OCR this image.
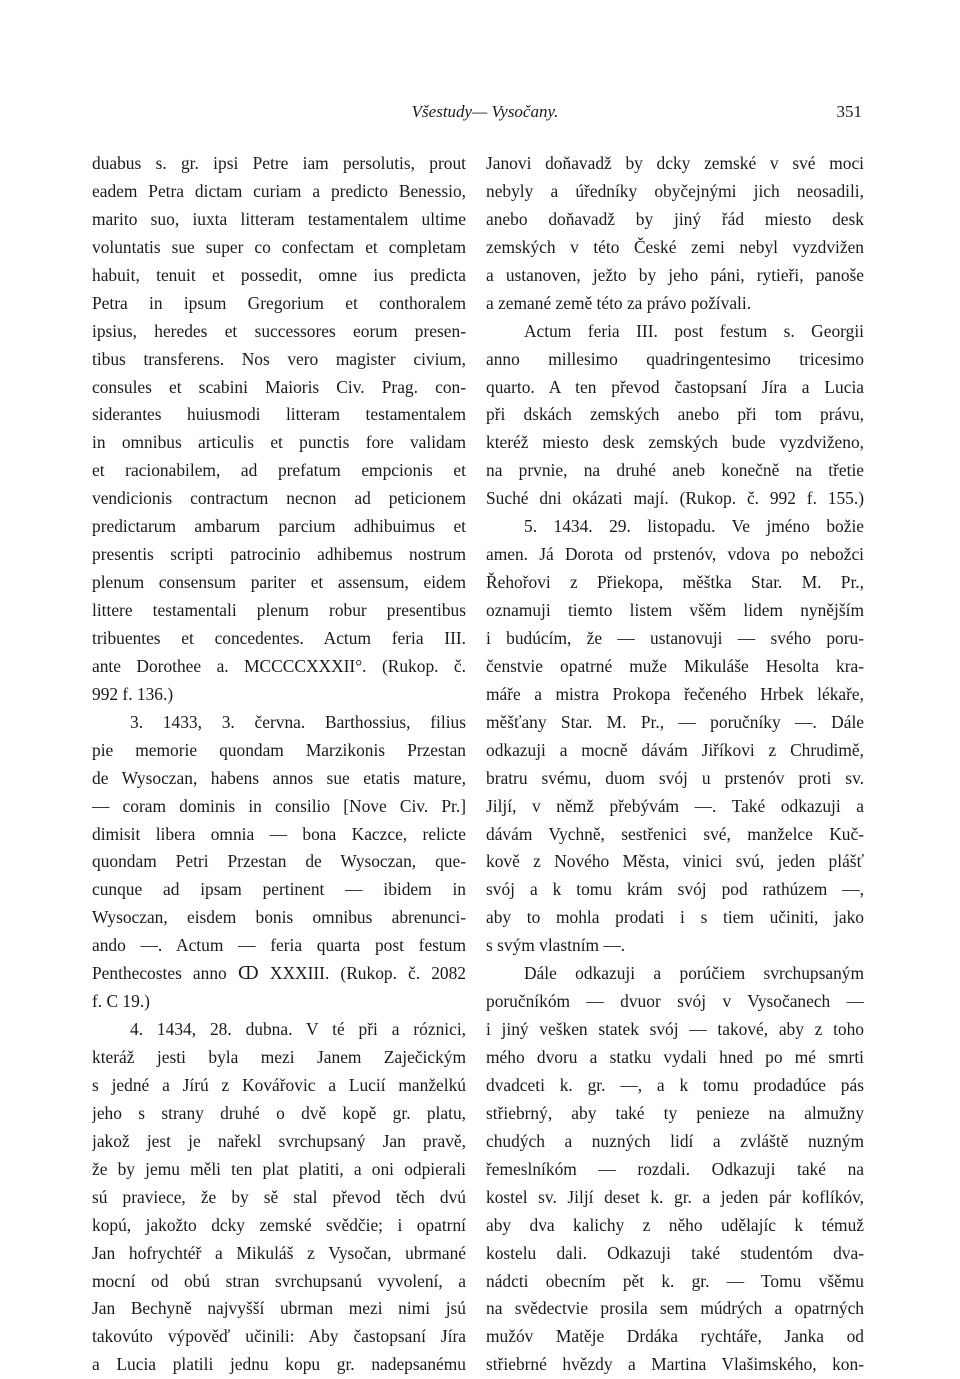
Všestudy— Vysočany.	351
duabus s. gr. ipsi Petre iam persolutis, prout
eadem Petra dictam curiam a predicto Benessio,
marito suo, iuxta litteram testamentalem ultime
voluntatis sue super co confectam et completam
habuit, tenuit et possedit, omne ius predicta
Petra in ipsum Gregorium et conthoralem
ipsius, heredes et successores eorum presen-
tibus transferens. Nos vero magister civium,
consules et scabini Maioris Civ. Prag. con-
siderantes huiusmodi litteram testamentalem
in omnibus articulis et punctis fore validam
et racionabilem, ad prefatum empcionis et
vendicionis contractum necnon ad peticionem
predictarum ambarum parcium adhibuimus et
presentis scripti patrocinio adhibemus nostrum
plenum consensum pariter et assensum, eidem
littere testamentali plenum robur presentibus
tribuentes et concedentes. Actum feria III.
ante Dorothee a. MCCCCXXXII°. (Rukop. č.
992 f. 136.)
3. 1433, 3. června. Barthossius, filius
pie memorie quondam Marzikonis Przestan
de Wysoczan, habens annos sue etatis mature,
— coram dominis in consilio [Nove Civ. Pr.]
dimisit libera omnia — bona Kaczce, relicte
quondam Petri Przestan de Wysoczan, que-
cunque ad ipsam pertinent — ibidem in
Wysoczan, eisdem bonis omnibus abrenunci-
ando —. Actum — feria quarta post festum
Penthecostes anno ↀ XXXIII. (Rukop. č. 2082
f. C 19.)
4. 1434, 28. dubna. V té při a róznici,
kteráž jesti byla mezi Janem Zaječickým
s jedné a Jírú z Kovářovic a Lucií manželkú
jeho s strany druhé o dvě kopě gr. platu,
jakož jest je nařekl svrchupsaný Jan pravě,
že by jemu měli ten plat platiti, a oni odpierali
sú praviece, že by sě stal převod těch dvú
kopú, jakožto dcky zemské svědčie; i opatrní
Jan hofrychtéř a Mikuláš z Vysočan, ubrmané
mocní od obú stran svrchupsanú vyvolení, a
Jan Bechyně najvyšší ubrman mezi nimi jsú
takovúto výpověď učinili: Aby častopsaní Jíra
a Lucia platili jednu kopu gr. nadepsanému
Janovi doňavadž by dcky zemské v své moci
nebyly a úředníky obyčejnými jich neosadili,
anebo doňavadž by jiný řád miesto desk
zemských v této České zemi nebyl vyzdvižen
a ustanoven, ježto by jeho páni, rytieři, panoše
a zemané země této za právo požívali.
Actum feria III. post festum s. Georgii
anno millesimo quadringentesimo tricesimo
quarto. A ten převod častopsaní Jíra a Lucia
při dskách zemských anebo při tom právu,
kteréž miesto desk zemských bude vyzdviženo,
na prvnie, na druhé aneb konečně na třetie
Suché dni okázati mají. (Rukop. č. 992 f. 155.)
5. 1434. 29. listopadu. Ve jméno božie
amen. Já Dorota od prstenóv, vdova po nebožci
Řehořovi z Přiekopa, měštka Star. M. Pr.,
oznamuji tiemto listem všěm lidem nynějším
i budúcím, že — ustanovuji — svého poru-
čenstvie opatrné muže Mikuláše Hesolta kra-
máře a mistra Prokopa řečeného Hrbek lékaře,
měšťany Star. M. Pr., — poručníky —. Dále
odkazuji a mocně dávám Jiříkovi z Chrudimě,
bratru svému, duom svój u prstenóv proti sv.
Jiljí, v němž přebývám —. Také odkazuji a
dávám Vychně, sestřenici své, manželce Kuč-
kově z Nového Města, vinici svú, jeden plášť
svój a k tomu krám svój pod rathúzem —,
aby to mohla prodati i s tiem učiniti, jako
s svým vlastním —.
Dále odkazuji a porúčiem svrchupsaným
poručníkóm — dvuor svój v Vysočanech —
i jiný vešken statek svój — takové, aby z toho
mého dvoru a statku vydali hned po mé smrti
dvadceti k. gr. —, a k tomu prodadúce pás
střiebrný, aby také ty penieze na almužny
chudých a nuzných lidí a zvláště nuzným
řemeslníkóm — rozdali. Odkazuji také na
kostel sv. Jiljí deset k. gr. a jeden pár koflíkóv,
aby dva kalichy z něho udělajíc k témuž
kostelu dali. Odkazuji také studentóm dva-
nádcti obecním pět k. gr. — Tomu všěmu
na svědectvie prosila sem múdrých a opatrných
mužóv Matěje Drdáka rychtáře, Janka od
střiebrné hvězdy a Martina Vlašimského, kon-
